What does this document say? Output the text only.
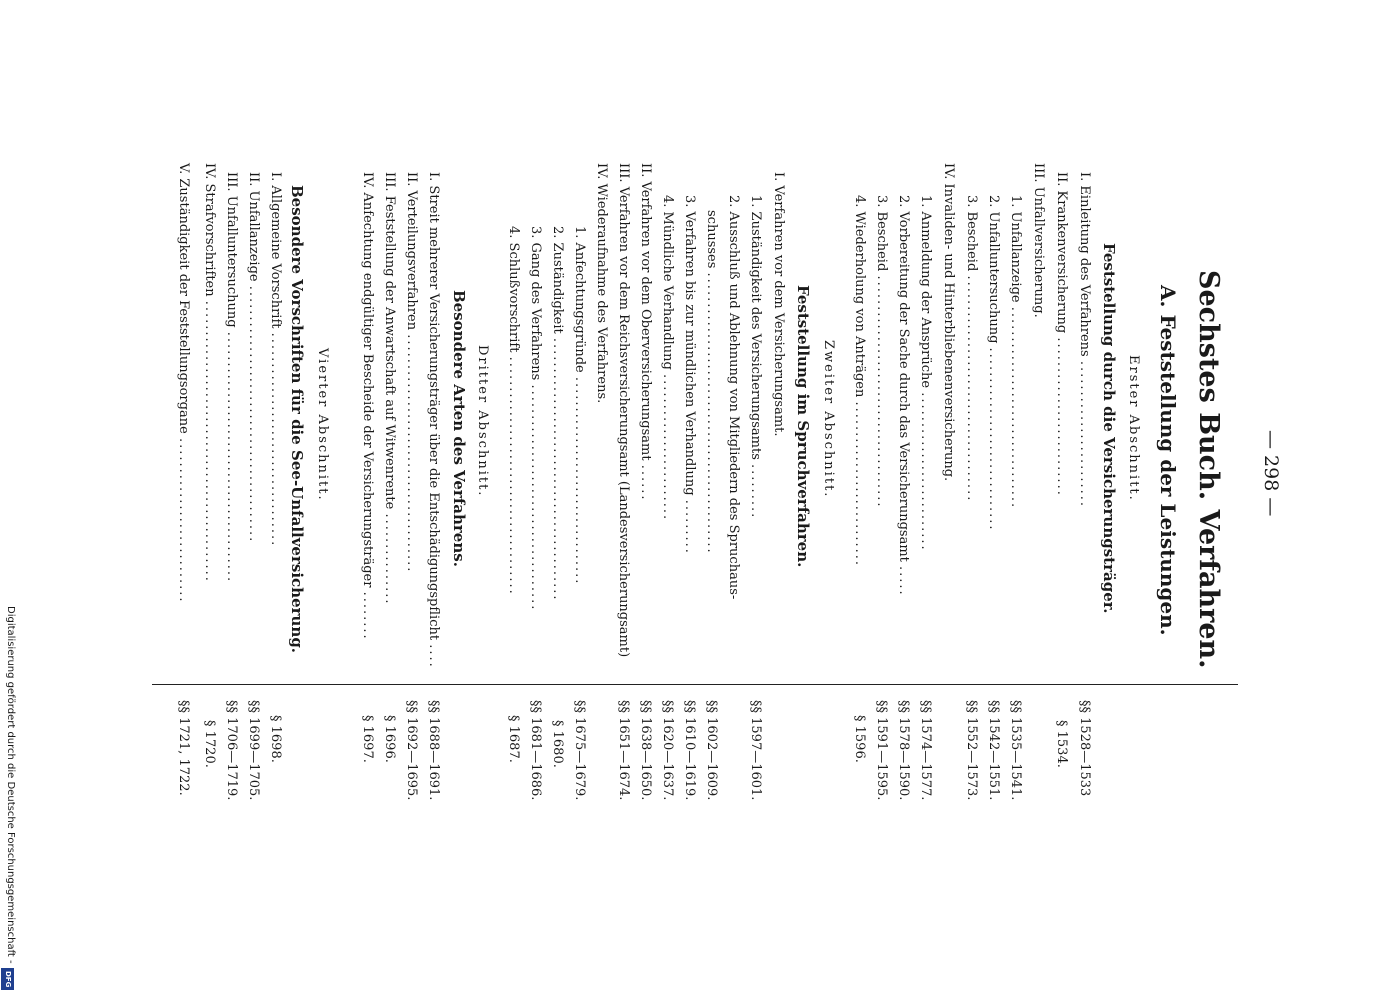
— 298 —
Sechstes Buch. Verfahren.
A. Feststellung der Leistungen.
Erster Abschnitt.
Feststellung durch die Versicherungsträger.
Zweiter Abschnitt.
Feststellung im Spruchverfahren.
Dritter Abschnitt.
Besondere Arten des Verfahrens.
Vierter Abschnitt.
Besondere Vorschriften für die See-Unfallversicherung.
I. Einleitung des Verfahrens ........................
§§ 1528—1533
II. Krankenversicherung ..........................
§ 1534.
III. Unfallversicherung.
1. Unfallanzeige .................................
§§ 1535—1541.
2. Unfalluntersuchung ..............................
§§ 1542—1551.
3. Bescheid .....................................
§§ 1552—1573.
IV. Invaliden- und Hinterbliebenenversicherung.
1. Anmeldung der Ansprüche ..........................
§§ 1574—1577.
2. Vorbereitung der Sache durch das Versicherungsamt .....
§§ 1578—1590.
3. Bescheid ......................................
§§ 1591—1595.
4. Wiederholung von Anträgen ...........................
§ 1596.
I. Verfahren vor dem Versicherungsamt.
1. Zuständigkeit des Versicherungsamts .........
§§ 1597—1601.
2. Ausschluß und Ablehnung von Mitgliedern des Spruchaus-
schusses ..............................................
§§ 1602—1609.
3. Verfahren bis zur mündlichen Verhandlung .........
§§ 1610—1619.
4. Mündliche Verhandlung ........................
§§ 1620—1637.
II. Verfahren vor dem Oberversicherungsamt ......
§§ 1638—1650.
III. Verfahren vor dem Reichsversicherungsamt (Landesversicherungsamt)
§§ 1651—1674.
IV. Wiederaufnahme des Verfahrens.
1. Anfechtungsgründe ..................................
§§ 1675—1679.
2. Zuständigkeit ...........................................
§ 1680.
3. Gang des Verfahrens .....................................
§§ 1681—1686.
4. Schlußvorschrift .......................................
§ 1687.
I. Streit mehrerer Versicherungsträger über die Entschädigungspflicht ....
§§ 1688—1691.
II. Verteilungsverfahren .......................................
§§ 1692—1695.
III. Feststellung der Anwartschaft auf Witwenrente ...............
§ 1696.
IV. Anfechtung endgültiger Bescheide der Versicherungsträger ........
§ 1697.
I. Allgemeine Vorschrift ...................................
§ 1698.
II. Unfallanzeige ..........................................
§§ 1699—1705.
III. Unfalluntersuchung .........................................
§§ 1706—1719.
IV. Strafvorschriften ..............................................
§ 1720.
V. Zuständigkeit der Feststellungsorgane ...........................
§§ 1721, 1722.
Digitalisierung gefördert durch die Deutsche Forschungsgemeinschaft -
DFG
